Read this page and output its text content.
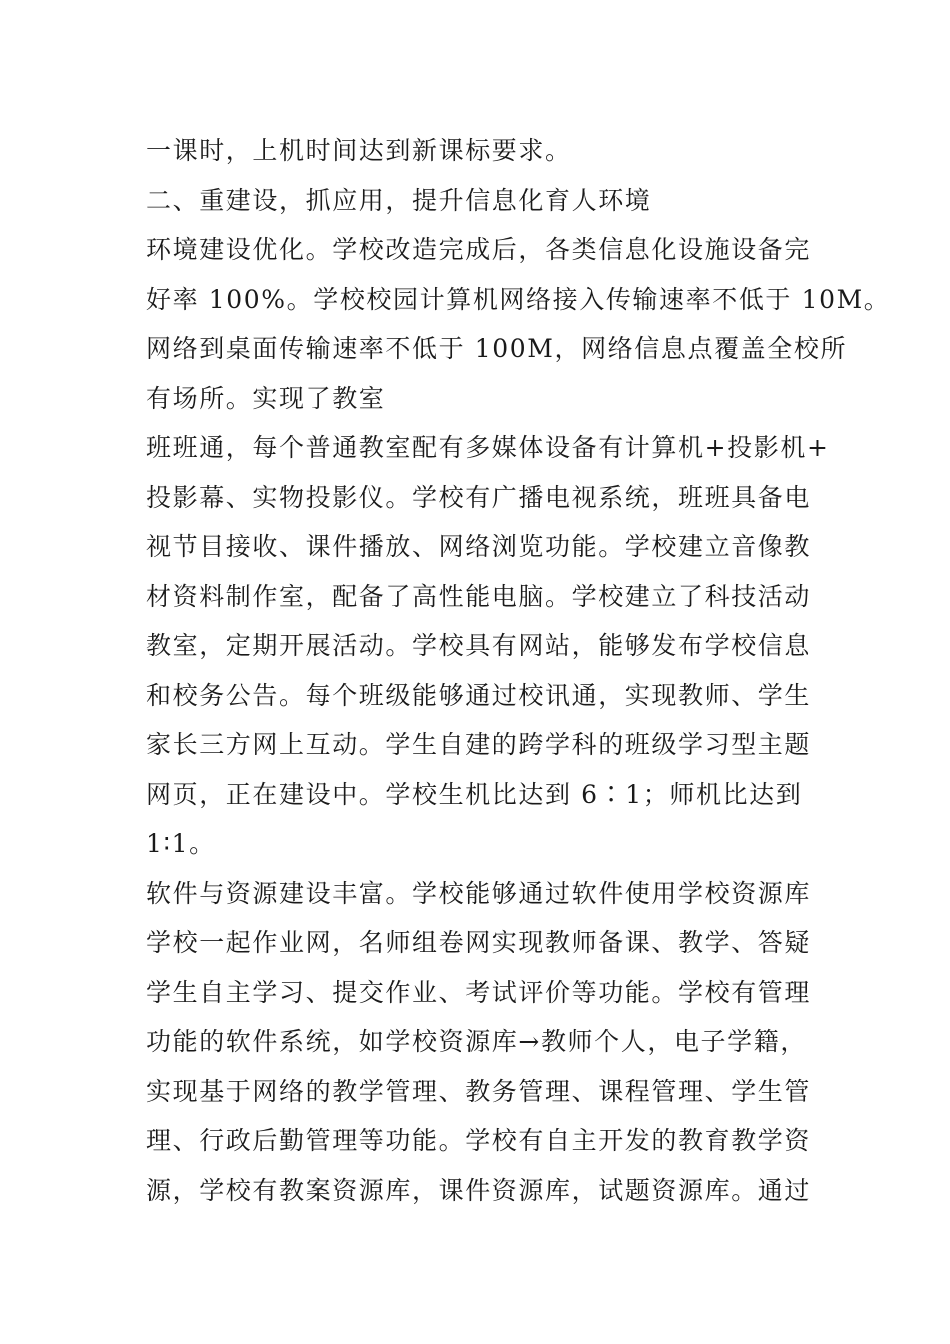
一课时，上机时间达到新课标要求。
二、重建设，抓应用，提升信息化育人环境
环境建设优化。学校改造完成后，各类信息化设施设备完
好率 100%。学校校园计算机网络接入传输速率不低于 10M。
网络到桌面传输速率不低于 100M，网络信息点覆盖全校所
有场所。实现了教室
班班通，每个普通教室配有多媒体设备有计算机+投影机+
投影幕、实物投影仪。学校有广播电视系统，班班具备电
视节目接收、课件播放、网络浏览功能。学校建立音像教
材资料制作室，配备了高性能电脑。学校建立了科技活动
教室，定期开展活动。学校具有网站，能够发布学校信息
和校务公告。每个班级能够通过校讯通，实现教师、学生
家长三方网上互动。学生自建的跨学科的班级学习型主题
网页，正在建设中。学校生机比达到 6∶1；师机比达到
1∶1。
软件与资源建设丰富。学校能够通过软件使用学校资源库
学校一起作业网，名师组卷网实现教师备课、教学、答疑
学生自主学习、提交作业、考试评价等功能。学校有管理
功能的软件系统，如学校资源库→教师个人，电子学籍，
实现基于网络的教学管理、教务管理、课程管理、学生管
理、行政后勤管理等功能。学校有自主开发的教育教学资
源，学校有教案资源库，课件资源库，试题资源库。通过
